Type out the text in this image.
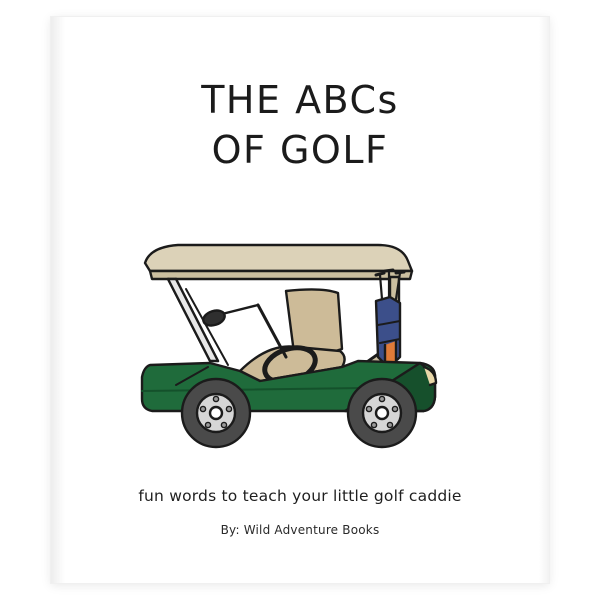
THE ABCs
OF GOLF
fun words to teach your little golf caddie
By: Wild Adventure Books
